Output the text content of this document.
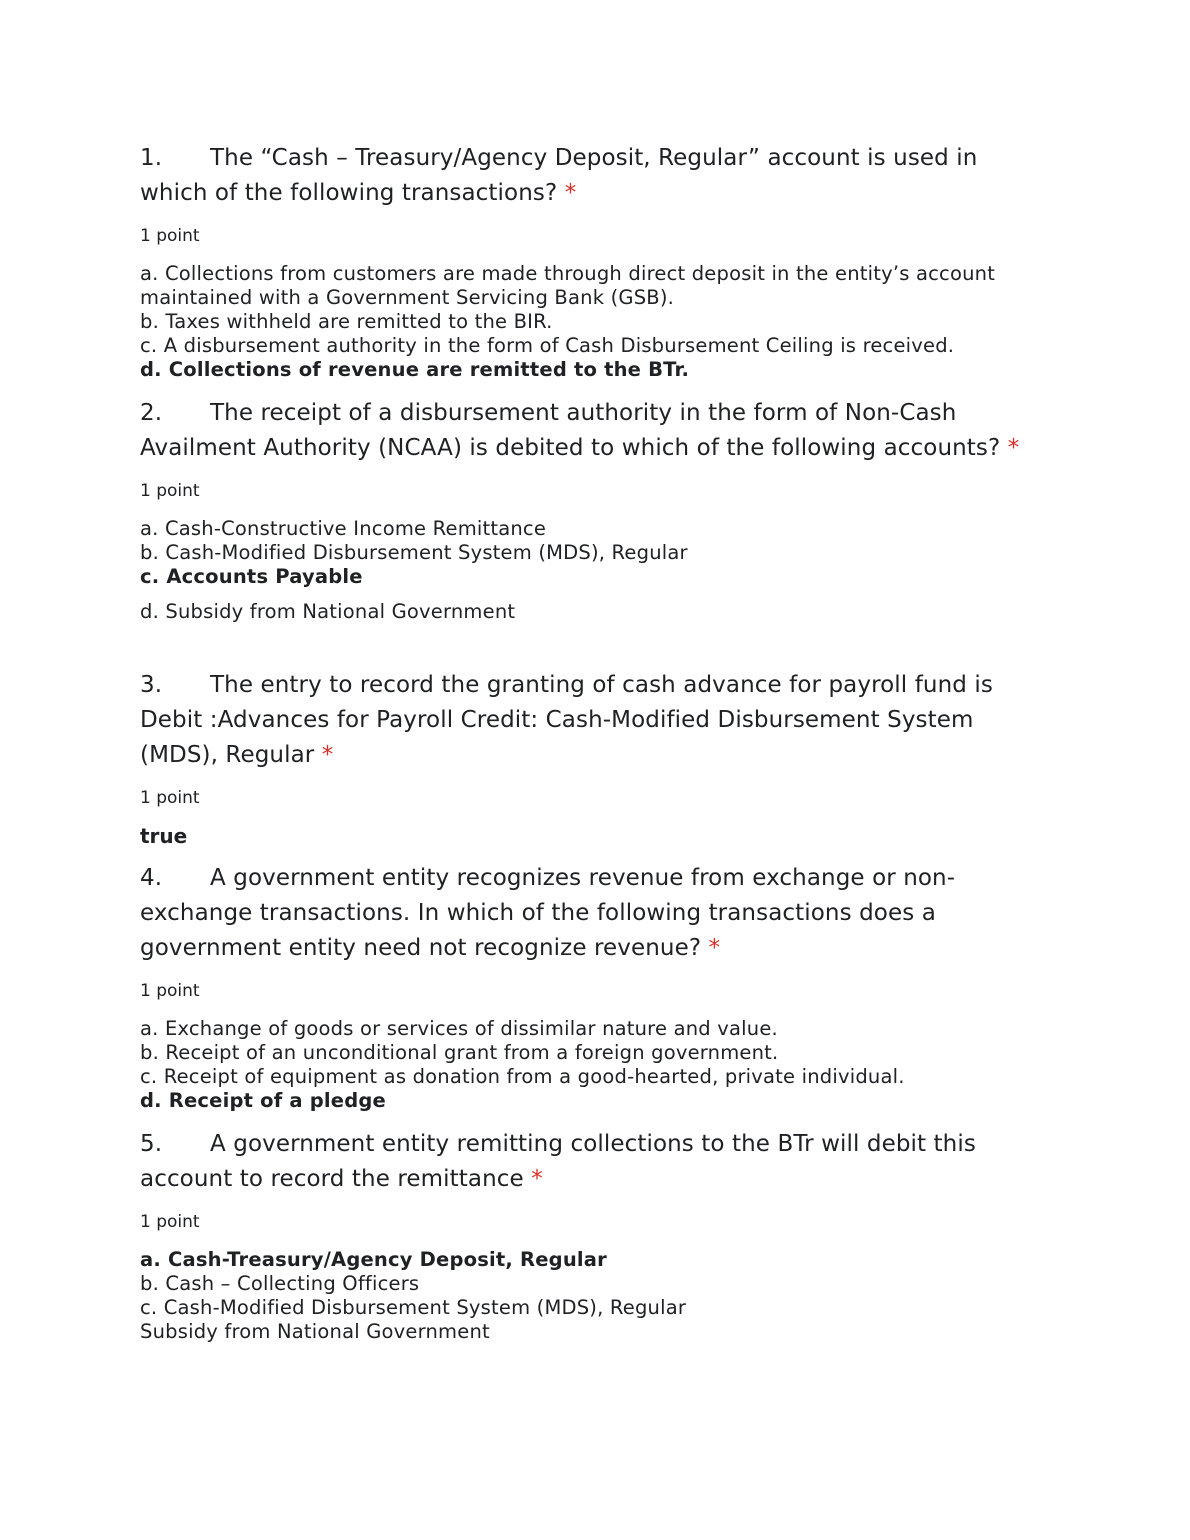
1. The “Cash – Treasury/Agency Deposit, Regular” account is used in which of the following transactions? *

1 point
a. Collections from customers are made through direct deposit in the entity’s account maintained with a Government Servicing Bank (GSB).
b. Taxes withheld are remitted to the BIR.
c. A disbursement authority in the form of Cash Disbursement Ceiling is received.
d. Collections of revenue are remitted to the BTr.

2. The receipt of a disbursement authority in the form of Non-Cash Availment Authority (NCAA) is debited to which of the following accounts? *

1 point
a. Cash-Constructive Income Remittance
b. Cash-Modified Disbursement System (MDS), Regular
c. Accounts Payable
d. Subsidy from National Government

3. The entry to record the granting of cash advance for payroll fund is Debit :Advances for Payroll Credit: Cash-Modified Disbursement System (MDS), Regular *

1 point
true

4. A government entity recognizes revenue from exchange or non-exchange transactions. In which of the following transactions does a government entity need not recognize revenue? *

1 point
a. Exchange of goods or services of dissimilar nature and value.
b. Receipt of an unconditional grant from a foreign government.
c. Receipt of equipment as donation from a good-hearted, private individual.
d. Receipt of a pledge

5. A government entity remitting collections to the BTr will debit this account to record the remittance *

1 point
a. Cash-Treasury/Agency Deposit, Regular
b. Cash – Collecting Officers
c. Cash-Modified Disbursement System (MDS), Regular
Subsidy from National Government
